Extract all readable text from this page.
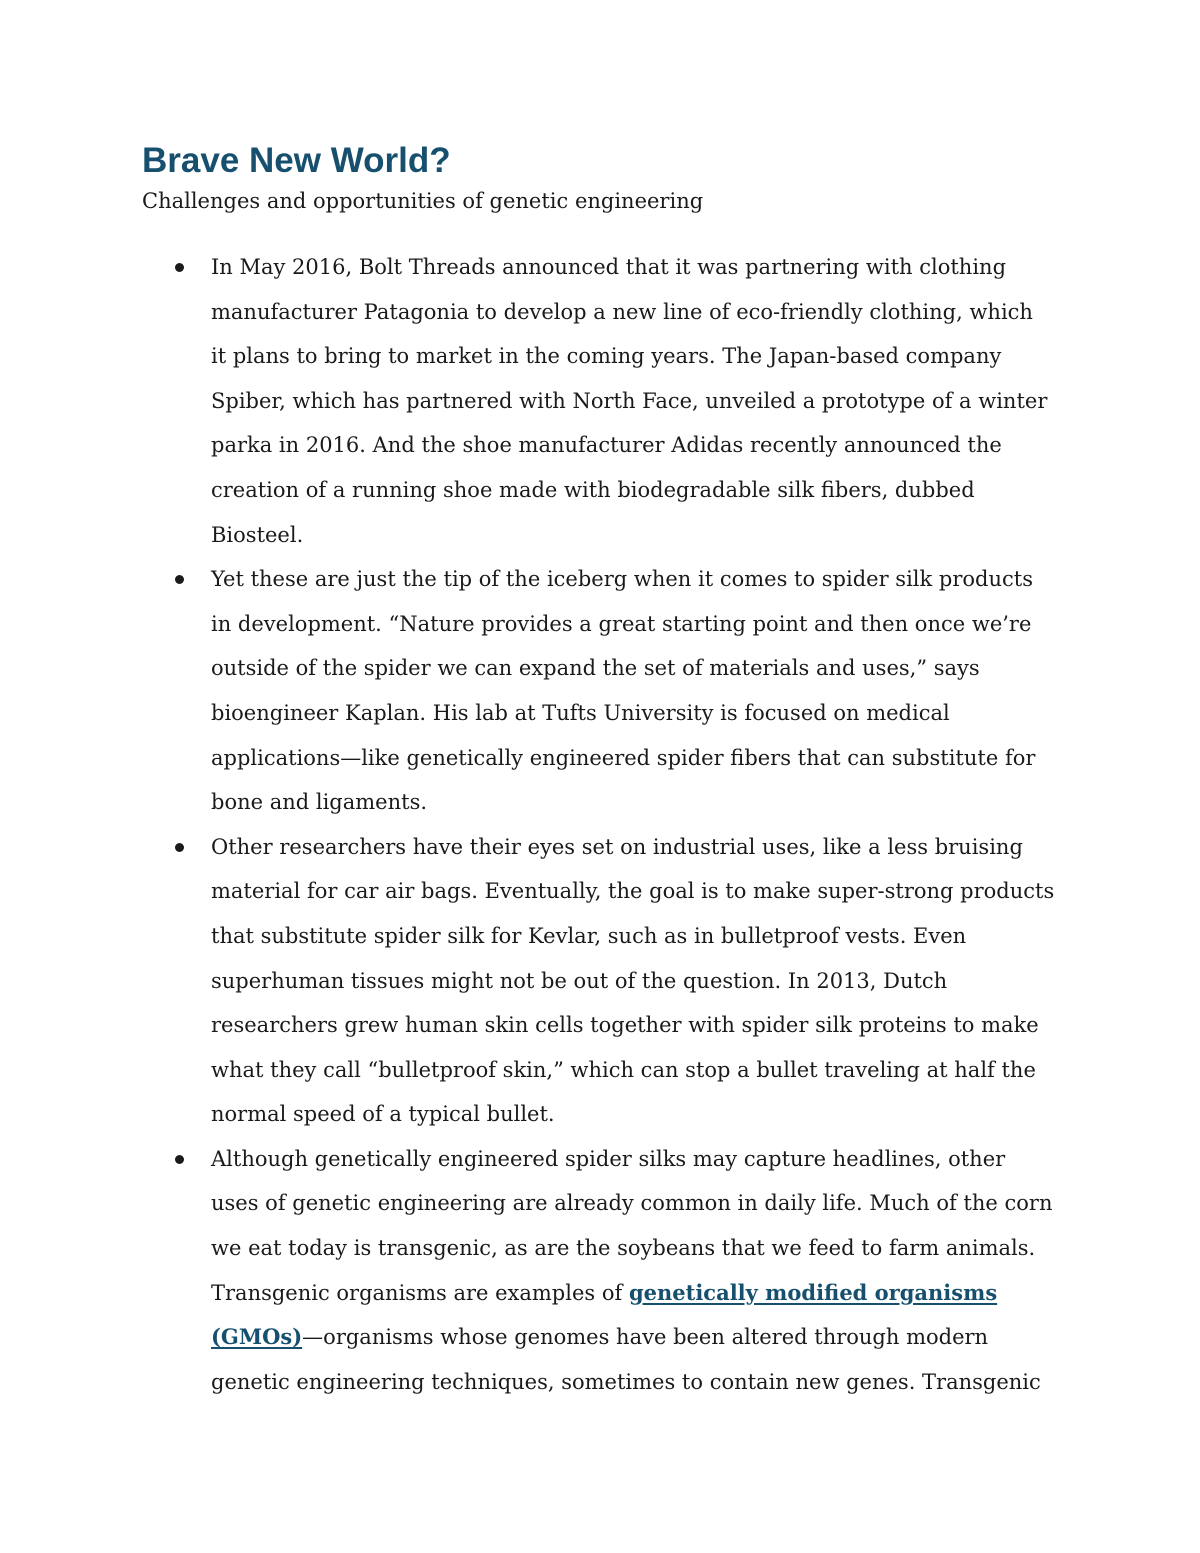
Brave New World?

Challenges and opportunities of genetic engineering

In May 2016, Bolt Threads announced that it was partnering with clothing
manufacturer Patagonia to develop a new line of eco-friendly clothing, which
it plans to bring to market in the coming years. The Japan-based company
Spiber, which has partnered with North Face, unveiled a prototype of a winter
parka in 2016. And the shoe manufacturer Adidas recently announced the
creation of a running shoe made with biodegradable silk fibers, dubbed
Biosteel.
Yet these are just the tip of the iceberg when it comes to spider silk products
in development. “Nature provides a great starting point and then once we’re
outside of the spider we can expand the set of materials and uses,” says
bioengineer Kaplan. His lab at Tufts University is focused on medical
applications—like genetically engineered spider fibers that can substitute for
bone and ligaments.
Other researchers have their eyes set on industrial uses, like a less bruising
material for car air bags. Eventually, the goal is to make super-strong products
that substitute spider silk for Kevlar, such as in bulletproof vests. Even
superhuman tissues might not be out of the question. In 2013, Dutch
researchers grew human skin cells together with spider silk proteins to make
what they call “bulletproof skin,” which can stop a bullet traveling at half the
normal speed of a typical bullet.
Although genetically engineered spider silks may capture headlines, other
uses of genetic engineering are already common in daily life. Much of the corn
we eat today is transgenic, as are the soybeans that we feed to farm animals.
Transgenic organisms are examples of genetically modified organisms
(GMOs)—organisms whose genomes have been altered through modern
genetic engineering techniques, sometimes to contain new genes. Transgenic
